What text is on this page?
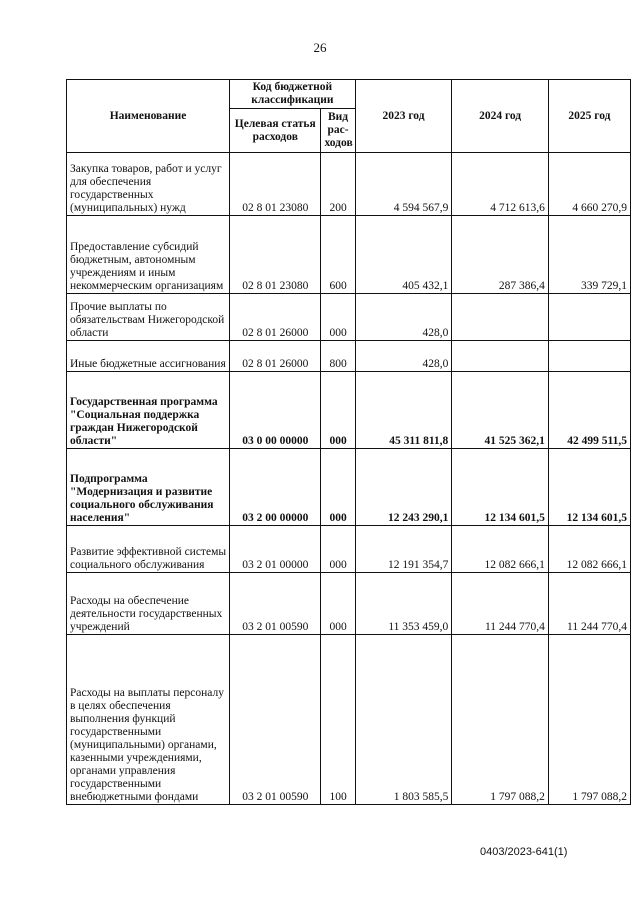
26
Наименование	Код бюджетной классификации		2023 год	2024 год	2025 год
	Целевая статья расходов	Вид рас-ходов			
Закупка товаров, работ и услуг для обеспечения государственных (муниципальных) нужд	02 8 01 23080	200	4 594 567,9	4 712 613,6	4 660 270,9
Предоставление субсидий бюджетным, автономным учреждениям и иным некоммерческим организациям	02 8 01 23080	600	405 432,1	287 386,4	339 729,1
Прочие выплаты по обязательствам Нижегородской области	02 8 01 26000	000	428,0		
Иные бюджетные ассигнования	02 8 01 26000	800	428,0		
Государственная программа "Социальная поддержка граждан Нижегородской области"	03 0 00 00000	000	45 311 811,8	41 525 362,1	42 499 511,5
Подпрограмма "Модернизация и развитие социального обслуживания населения"	03 2 00 00000	000	12 243 290,1	12 134 601,5	12 134 601,5
Развитие эффективной системы социального обслуживания	03 2 01 00000	000	12 191 354,7	12 082 666,1	12 082 666,1
Расходы на обеспечение деятельности государственных учреждений	03 2 01 00590	000	11 353 459,0	11 244 770,4	11 244 770,4
Расходы на выплаты персоналу в целях обеспечения выполнения функций государственными (муниципальными) органами, казенными учреждениями, органами управления государственными внебюджетными фондами	03 2 01 00590	100	1 803 585,5	1 797 088,2	1 797 088,2
0403/2023-641(1)
